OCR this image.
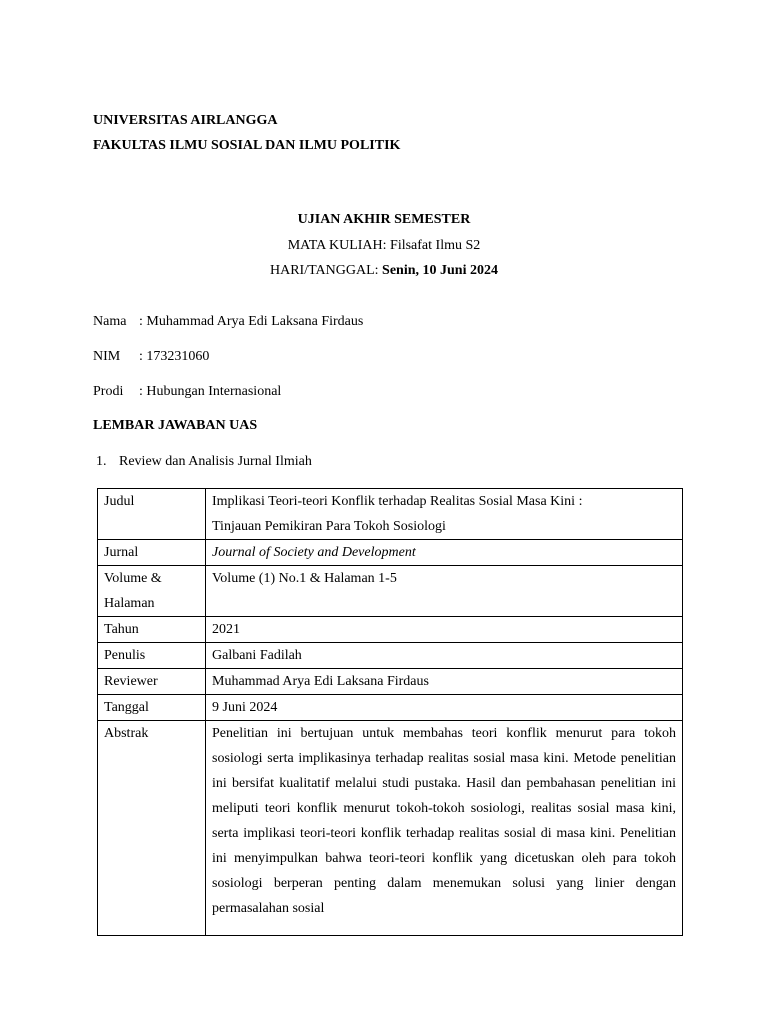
UNIVERSITAS AIRLANGGA
FAKULTAS ILMU SOSIAL DAN ILMU POLITIK
UJIAN AKHIR SEMESTER
MATA KULIAH: Filsafat Ilmu S2
HARI/TANGGAL: Senin, 10 Juni 2024
Nama : Muhammad Arya Edi Laksana Firdaus
NIM : 173231060
Prodi : Hubungan Internasional
LEMBAR JAWABAN UAS
1. Review dan Analisis Jurnal Ilmiah
Judul	Implikasi Teori-teori Konflik terhadap Realitas Sosial Masa Kini :
Tinjauan Pemikiran Para Tokoh Sosiologi

Jurnal	Journal of Society and Development

Volume &
Halaman	Volume (1) No.1 & Halaman 1-5
Tahun	2021
Penulis	Galbani Fadilah
Reviewer	Muhammad Arya Edi Laksana Firdaus
Tanggal	9 Juni 2024
Abstrak	Penelitian ini bertujuan untuk membahas teori konflik menurut para tokoh sosiologi serta implikasinya terhadap realitas sosial masa kini. Metode penelitian ini bersifat kualitatif melalui studi pustaka. Hasil dan pembahasan penelitian ini meliputi teori konflik menurut tokoh-tokoh sosiologi, realitas sosial masa kini, serta implikasi teori-teori konflik terhadap realitas sosial di masa kini. Penelitian ini menyimpulkan bahwa teori-teori konflik yang dicetuskan oleh para tokoh sosiologi berperan penting dalam menemukan solusi yang linier dengan permasalahan sosial
